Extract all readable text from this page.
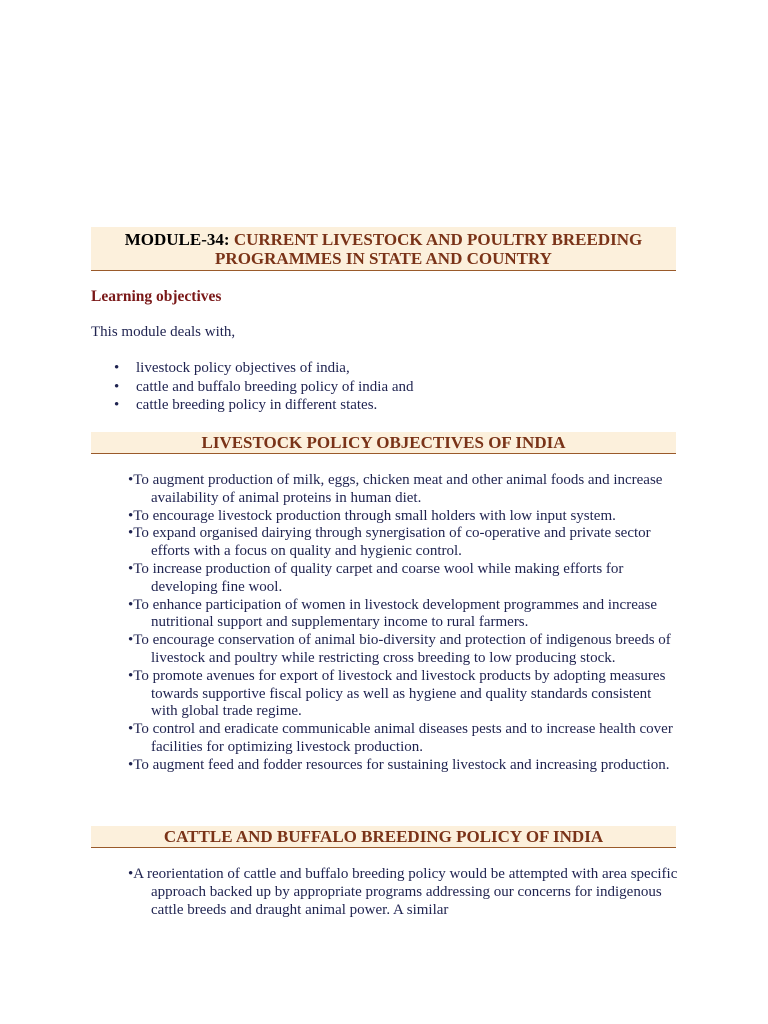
MODULE-34: CURRENT LIVESTOCK AND POULTRY BREEDING
PROGRAMMES IN STATE AND COUNTRY
Learning objectives
This module deals with,
• livestock policy objectives of india,
• cattle and buffalo breeding policy of india and
• cattle breeding policy in different states.
LIVESTOCK POLICY OBJECTIVES OF INDIA
•To augment production of milk, eggs, chicken meat and other animal foods and increase availability of animal proteins in human diet.
•To encourage livestock production through small holders with low input system.
•To expand organised dairying through synergisation of co-operative and private sector efforts with a focus on quality and hygienic control.
•To increase production of quality carpet and coarse wool while making efforts for developing fine wool.
•To enhance participation of women in livestock development programmes and increase nutritional support and supplementary income to rural farmers.
•To encourage conservation of animal bio-diversity and protection of indigenous breeds of livestock and poultry while restricting cross breeding to low producing stock.
•To promote avenues for export of livestock and livestock products by adopting measures towards supportive fiscal policy as well as hygiene and quality standards consistent with global trade regime.
•To control and eradicate communicable animal diseases pests and to increase health cover facilities for optimizing livestock production.
•To augment feed and fodder resources for sustaining livestock and increasing production.
CATTLE AND BUFFALO BREEDING POLICY OF INDIA
•A reorientation of cattle and buffalo breeding policy would be attempted with area specific approach backed up by appropriate programs addressing our concerns for indigenous cattle breeds and draught animal power. A similar
